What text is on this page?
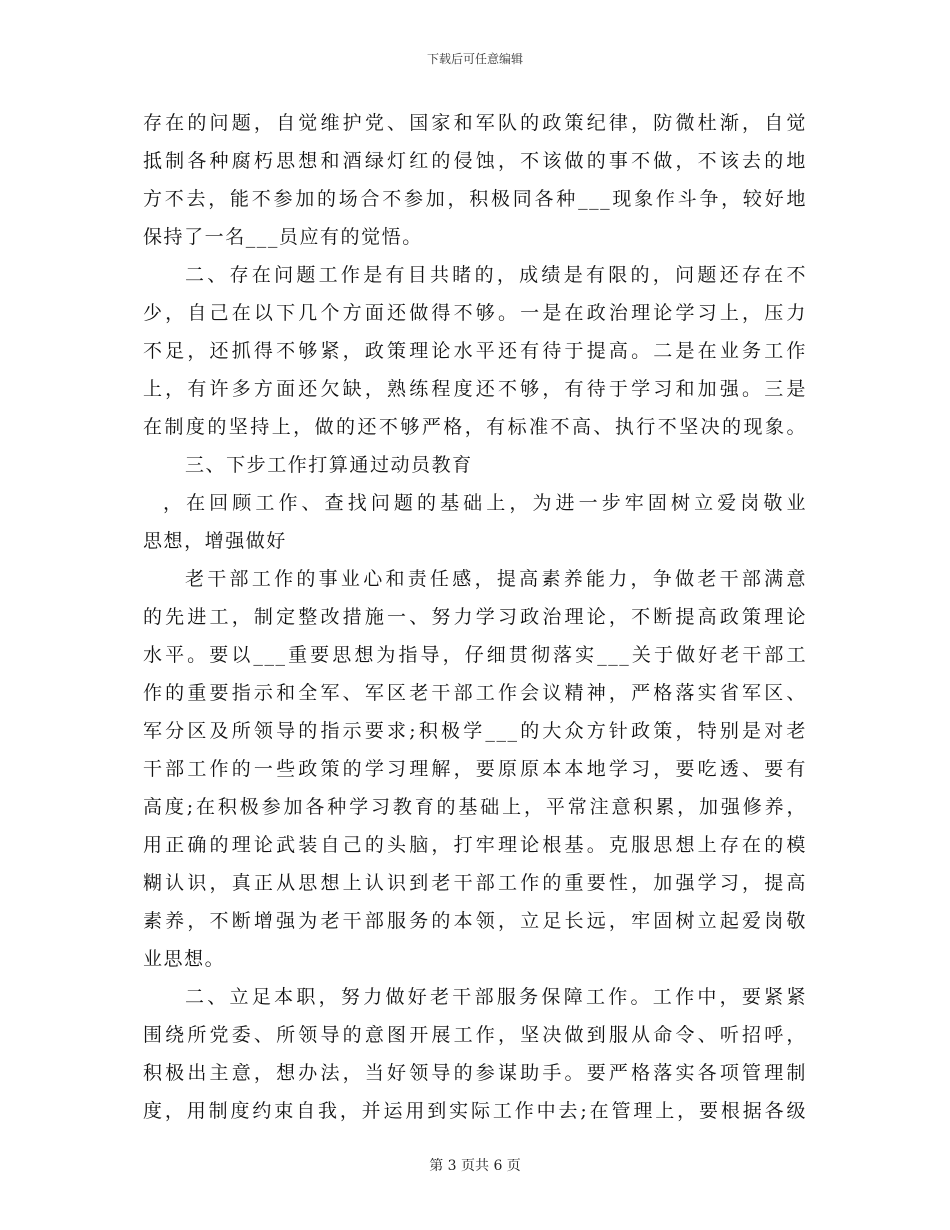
下载后可任意编辑
存在的问题，自觉维护党、国家和军队的政策纪律，防微杜渐，自觉
抵制各种腐朽思想和酒绿灯红的侵蚀，不该做的事不做，不该去的地
方不去，能不参加的场合不参加，积极同各种___现象作斗争，较好地
保持了一名___员应有的觉悟。
二、存在问题工作是有目共睹的，成绩是有限的，问题还存在不
少，自己在以下几个方面还做得不够。一是在政治理论学习上，压力
不足，还抓得不够紧，政策理论水平还有待于提高。二是在业务工作
上，有许多方面还欠缺，熟练程度还不够，有待于学习和加强。三是
在制度的坚持上，做的还不够严格，有标准不高、执行不坚决的现象。
三、下步工作打算通过动员教育
，在回顾工作、查找问题的基础上，为进一步牢固树立爱岗敬业
思想，增强做好
老干部工作的事业心和责任感，提高素养能力，争做老干部满意
的先进工，制定整改措施一、努力学习政治理论，不断提高政策理论
水平。要以___重要思想为指导，仔细贯彻落实___关于做好老干部工
作的重要指示和全军、军区老干部工作会议精神，严格落实省军区、
军分区及所领导的指示要求;积极学___的大众方针政策，特别是对老
干部工作的一些政策的学习理解，要原原本本地学习，要吃透、要有
高度;在积极参加各种学习教育的基础上，平常注意积累，加强修养，
用正确的理论武装自己的头脑，打牢理论根基。克服思想上存在的模
糊认识，真正从思想上认识到老干部工作的重要性，加强学习，提高
素养，不断增强为老干部服务的本领，立足长远，牢固树立起爱岗敬
业思想。
二、立足本职，努力做好老干部服务保障工作。工作中，要紧紧
围绕所党委、所领导的意图开展工作，坚决做到服从命令、听招呼，
积极出主意，想办法，当好领导的参谋助手。要严格落实各项管理制
度，用制度约束自我，并运用到实际工作中去;在管理上，要根据各级
第 3 页共 6 页
